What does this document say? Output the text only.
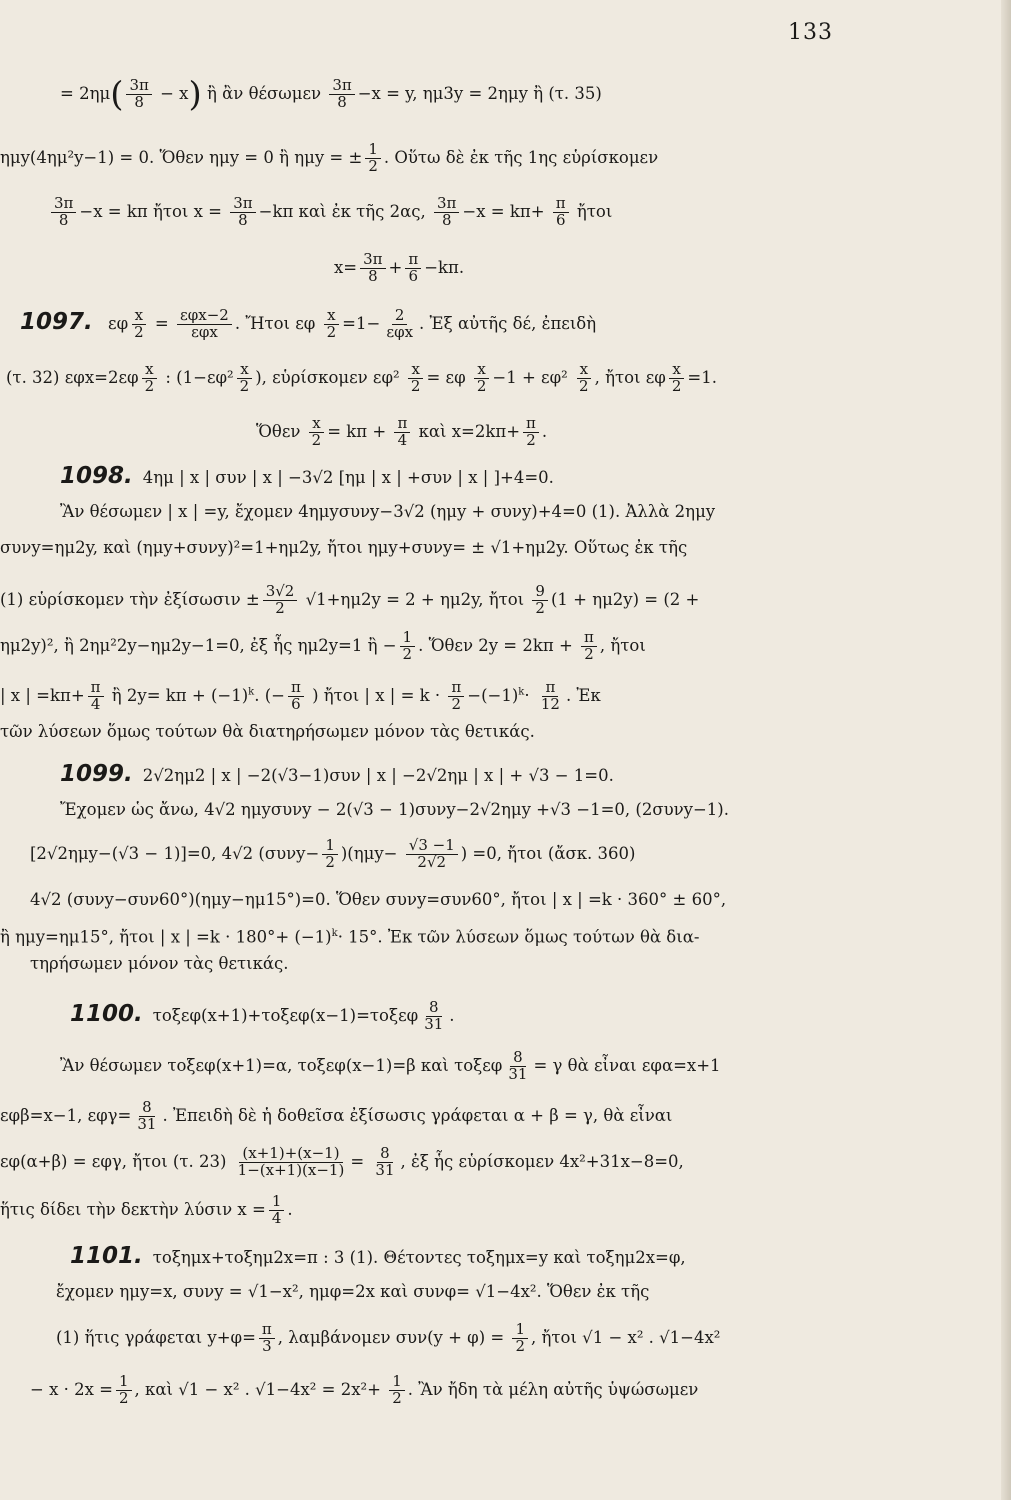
133
= $2\eta\mu( \frac{3\pi}{8} - x)$ ἢ ἂν θέσωμεν $\frac{3\pi}{8} -x = y$, ημ3y = 2ημy ἢ (τ. 35)
ημy(4ημ²y−1) = 0. Ὅθεν ημy = 0 ἢ ημy = ± $\frac{1}{2}$ . Οὕτω δὲ ἐκ τῆς 1ης εὑρίσκομεν
$\frac{3\pi}{8} -x = k\pi$ ἤτοι $x = \frac{3\pi}{8} -k\pi$ καὶ ἐκ τῆς 2ας, $\frac{3\pi}{8} -x = k\pi+ \frac{\pi}{6}$ ἤτοι
$x= \frac{3\pi}{8} + \frac{\pi}{6} -k\pi$.
1097. εφ $\frac{x}{2} = \frac{\text{εφx−2}}{\text{εφx}}$ . Ἤτοι εφ $\frac{x}{2} =1- \frac{2}{\text{εφx}}$ . Ἐξ αὐτῆς δέ, ἐπειδὴ
(τ. 32) $\varepsilon\varphi x=2\varepsilon\varphi \frac{x}{2}$ : ($1-\varepsilon\varphi^2 \frac{x}{2}$ ), εὑρίσκομεν $\varepsilon\varphi^2 \frac{x}{2} = \varepsilon\varphi \frac{x}{2} -1 + \varepsilon\varphi^2 \frac{x}{2}$ , ἤτοι εφ $\frac{x}{2} =1$.
Ὅθεν $\frac{x}{2} = k\pi + \frac{\pi}{4}$ καὶ $x=2k\pi+ \frac{\pi}{2}$ .
1098. 4ημ | x | συν | x | −3√2 [ημ | x | +συν | x | ]+4=0.
Ἂν θέσωμεν | x | =y, ἔχομεν 4ημyσυνy−3√2 (ημy + συνy)+4=0 (1). Ἀλλὰ 2ημy
συνy=ημ2y, καὶ (ημy+συνy)²=1+ημ2y, ἤτοι ημy+συνy= ± √1+ημ2y. Οὕτως ἐκ τῆς
(1) εὑρίσκομεν τὴν ἐξίσωσιν ± $\frac{3√2}{2} √1+\eta\mu 2y = 2 + \eta\mu 2y$, ἤτοι $\frac{9}{2} (1 + \eta\mu 2y) = (2$ +
ημ2y)², ἢ 2ημ²2y−ημ2y−1=0, ἐξ ἧς ημ2y=1 ἢ − $\frac{1}{2}$ . Ὅθεν $2y = 2k\pi + \frac{\pi}{2}$ , ἤτοι
| x | $=k\pi+ \frac{\pi}{4}$ ἢ $2y= k\pi + (-1)^k$. (− $\frac{\pi}{6}$ ) ἤτοι | x | = $k \cdot \frac{\pi}{2} -(-1)^k\cdot \frac{\pi}{12}$ . Ἐκ
τῶν λύσεων ὅμως τούτων θὰ διατηρήσωμεν μόνον τὰς θετικάς.
1099. 2√2ημ2 | x | −2(√3−1)συν | x | −2√2ημ | x | + √3 − 1=0.
Ἔχομεν ὡς ἄνω, 4√2 ημyσυνy − 2(√3 − 1)συνy−2√2ημy +√3 −1=0, (2συνy−1).
[2√2ημy−(√3 − 1)]=0, 4√2 $(\sigma\upsilon\nu y- \frac{1}{2} )(\eta\mu y- \frac{√3 -1}{2√2}$ ) =0, ἤτοι (ἄσκ. 360)
4√2 (συνy−συν60°)(ημy−ημ15°)=0. Ὅθεν συνy=συν60°, ἤτοι | x | =k · 360° ± 60°,
ἢ ημy=ημ15°, ἤτοι | x | $=k \cdot 180^\circ+ (-1)^k\cdot 15^\circ$. Ἐκ τῶν λύσεων ὅμως τούτων θὰ δια-
τηρήσωμεν μόνον τὰς θετικάς.
1100. $\tau o\xi\varepsilon\varphi(x+1)+\tau o\xi\varepsilon\varphi(x-1)=\tau o\xi\varepsilon\varphi \frac{8}{31}$ .
Ἂν θέσωμεν τοξεφ(x+1)=α, τοξεφ(x−1)=β καὶ τοξεφ $\frac{8}{31} = \gamma$ θὰ εἶναι εφα=x+1
εφβ=x−1, $\varepsilon\varphi\gamma= \frac{8}{31}$ . Ἐπειδὴ δὲ ἡ δοθεῖσα ἐξίσωσις γράφεται α + β = γ, θὰ εἶναι
εφ(α+β) = εφγ, ἤτοι (τ. $23) \frac{(x+1)+(x-1)}{1-(x+1)(x-1)} = \frac{8}{31}$ , ἐξ ἧς εὑρίσκομεν 4x²+31x−8=0,
ἥτις δίδει τὴν δεκτὴν λύσιν $x = \frac{1}{4}$ .
1101. τοξημx+τοξημ2x=π : 3 (1). Θέτοντες τοξημx=y καὶ τοξημ2x=φ,
ἔχομεν ημy=x, συνy = √1−x², ημφ=2x καὶ συνφ= √1−4x². Ὅθεν ἐκ τῆς
(1) ἥτις γράφεται $y+\varphi= \frac{\pi}{3}$ , λαμβάνομεν $\sigma\upsilon\nu(y + \varphi) = \frac{1}{2}$ , ἤτοι √1 − x² . √1−4x²
− $x \cdot 2x = \frac{1}{2}$ , καὶ √1 − x² . $√1-4x^2 = 2x^2+ \frac{1}{2}$ . Ἂν ἤδη τὰ μέλη αὐτῆς ὑψώσωμεν
